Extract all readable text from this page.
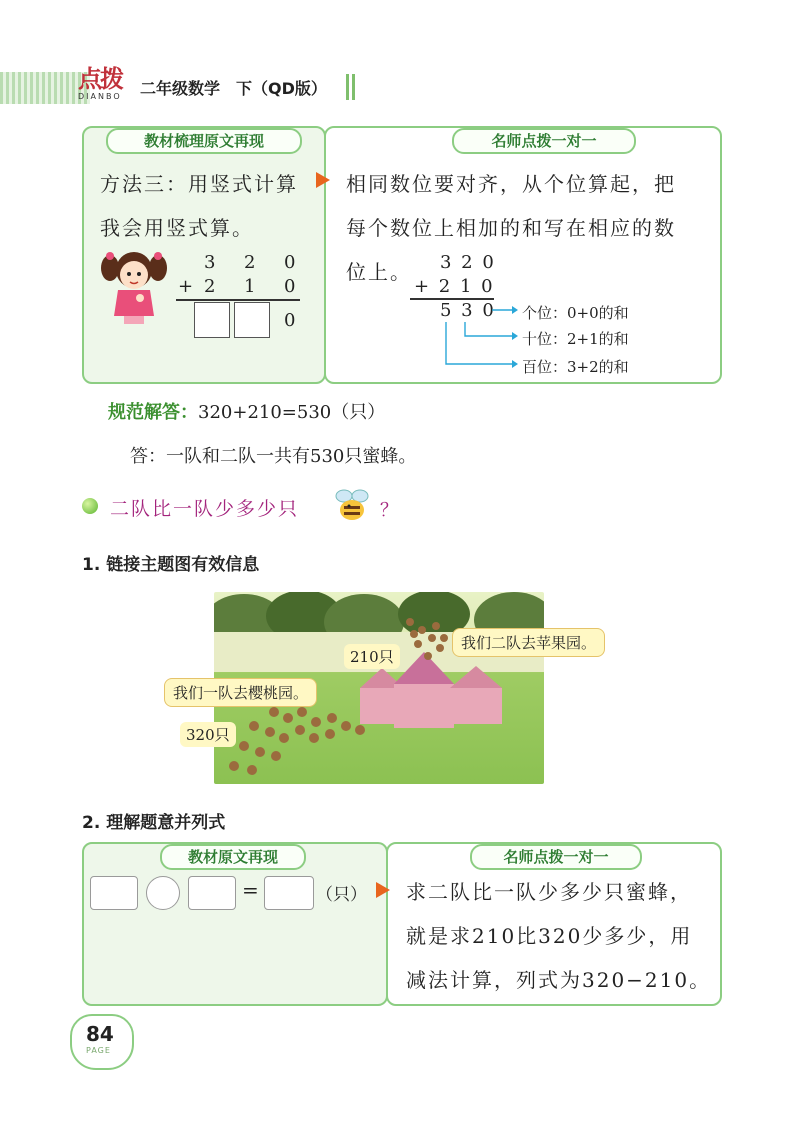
点拨
DIANBO	二年级数学　下（QD版）
教材梳理原文再现	名师点拨一对一
方法三：用竖式计算
我会用竖式算。
3 2 0
+ 2 1 0
0
相同数位要对齐，从个位算起，把
每个数位上相加的和写在相应的数
位上。 3 2 0
+ 2 1 0
5 3 0 个位：0+0的和
十位：2+1的和
百位：3+2的和
规范解答：320+210=530（只）
答：一队和二队一共有530只蜜蜂。
二队比一队少多少只	？
1. 链接主题图有效信息
我们二队去苹果园。
我们一队去樱桃园。
210只
320只
2. 理解题意并列式
教材原文再现	名师点拨一对一
=	（只） 求二队比一队少多少只蜜蜂，
就是求210比320少多少，用
减法计算，列式为320−210。
84
PAGE
